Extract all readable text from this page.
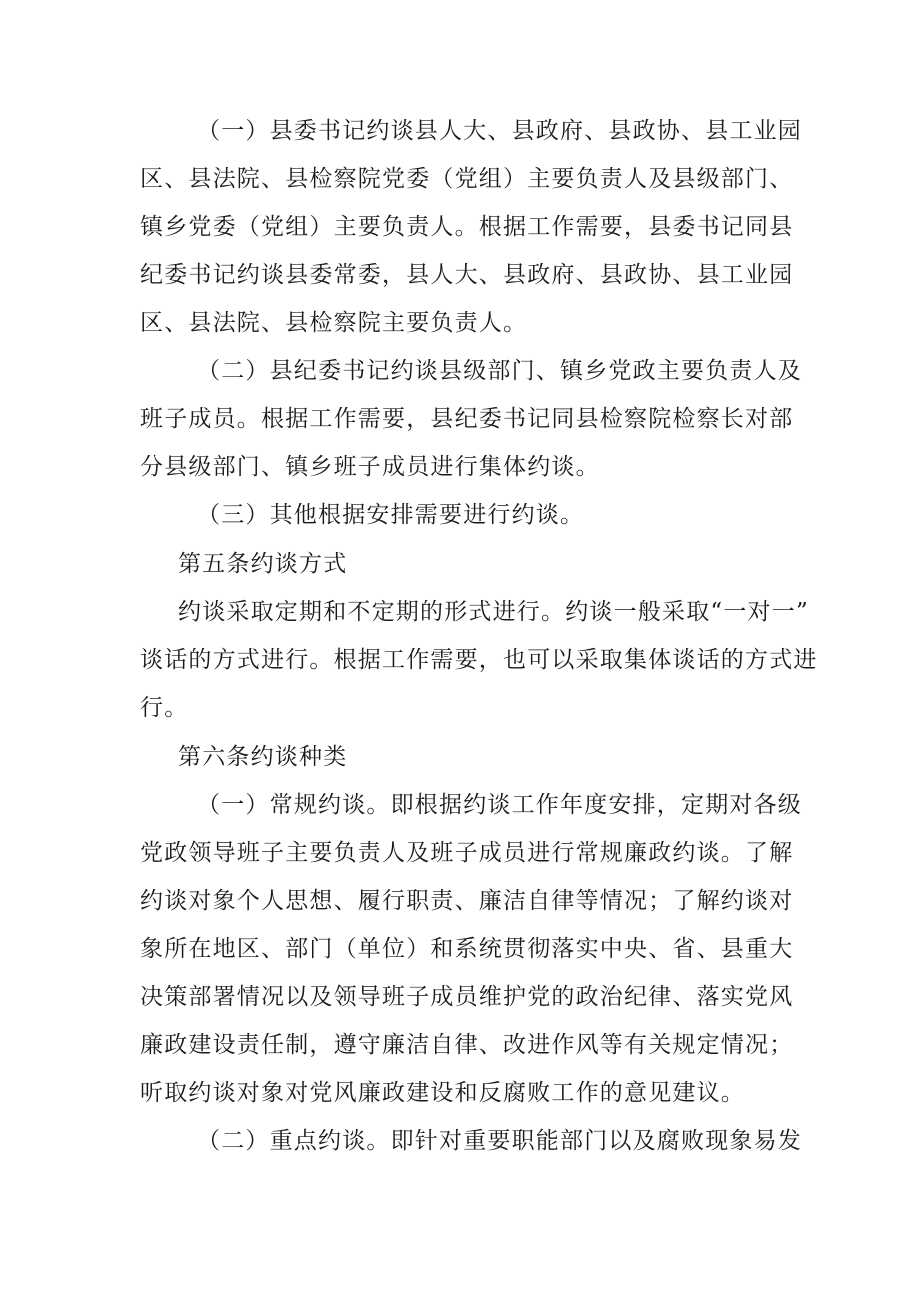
（一）县委书记约谈县人大、县政府、县政协、县工业园
区、县法院、县检察院党委（党组）主要负责人及县级部门、
镇乡党委（党组）主要负责人。根据工作需要，县委书记同县
纪委书记约谈县委常委，县人大、县政府、县政协、县工业园
区、县法院、县检察院主要负责人。
（二）县纪委书记约谈县级部门、镇乡党政主要负责人及
班子成员。根据工作需要，县纪委书记同县检察院检察长对部
分县级部门、镇乡班子成员进行集体约谈。
（三）其他根据安排需要进行约谈。
第五条约谈方式
约谈采取定期和不定期的形式进行。约谈一般采取“一对一”
谈话的方式进行。根据工作需要，也可以采取集体谈话的方式进
行。
第六条约谈种类
（一）常规约谈。即根据约谈工作年度安排，定期对各级
党政领导班子主要负责人及班子成员进行常规廉政约谈。了解
约谈对象个人思想、履行职责、廉洁自律等情况；了解约谈对
象所在地区、部门（单位）和系统贯彻落实中央、省、县重大
决策部署情况以及领导班子成员维护党的政治纪律、落实党风
廉政建设责任制，遵守廉洁自律、改进作风等有关规定情况；
听取约谈对象对党风廉政建设和反腐败工作的意见建议。
（二）重点约谈。即针对重要职能部门以及腐败现象易发
